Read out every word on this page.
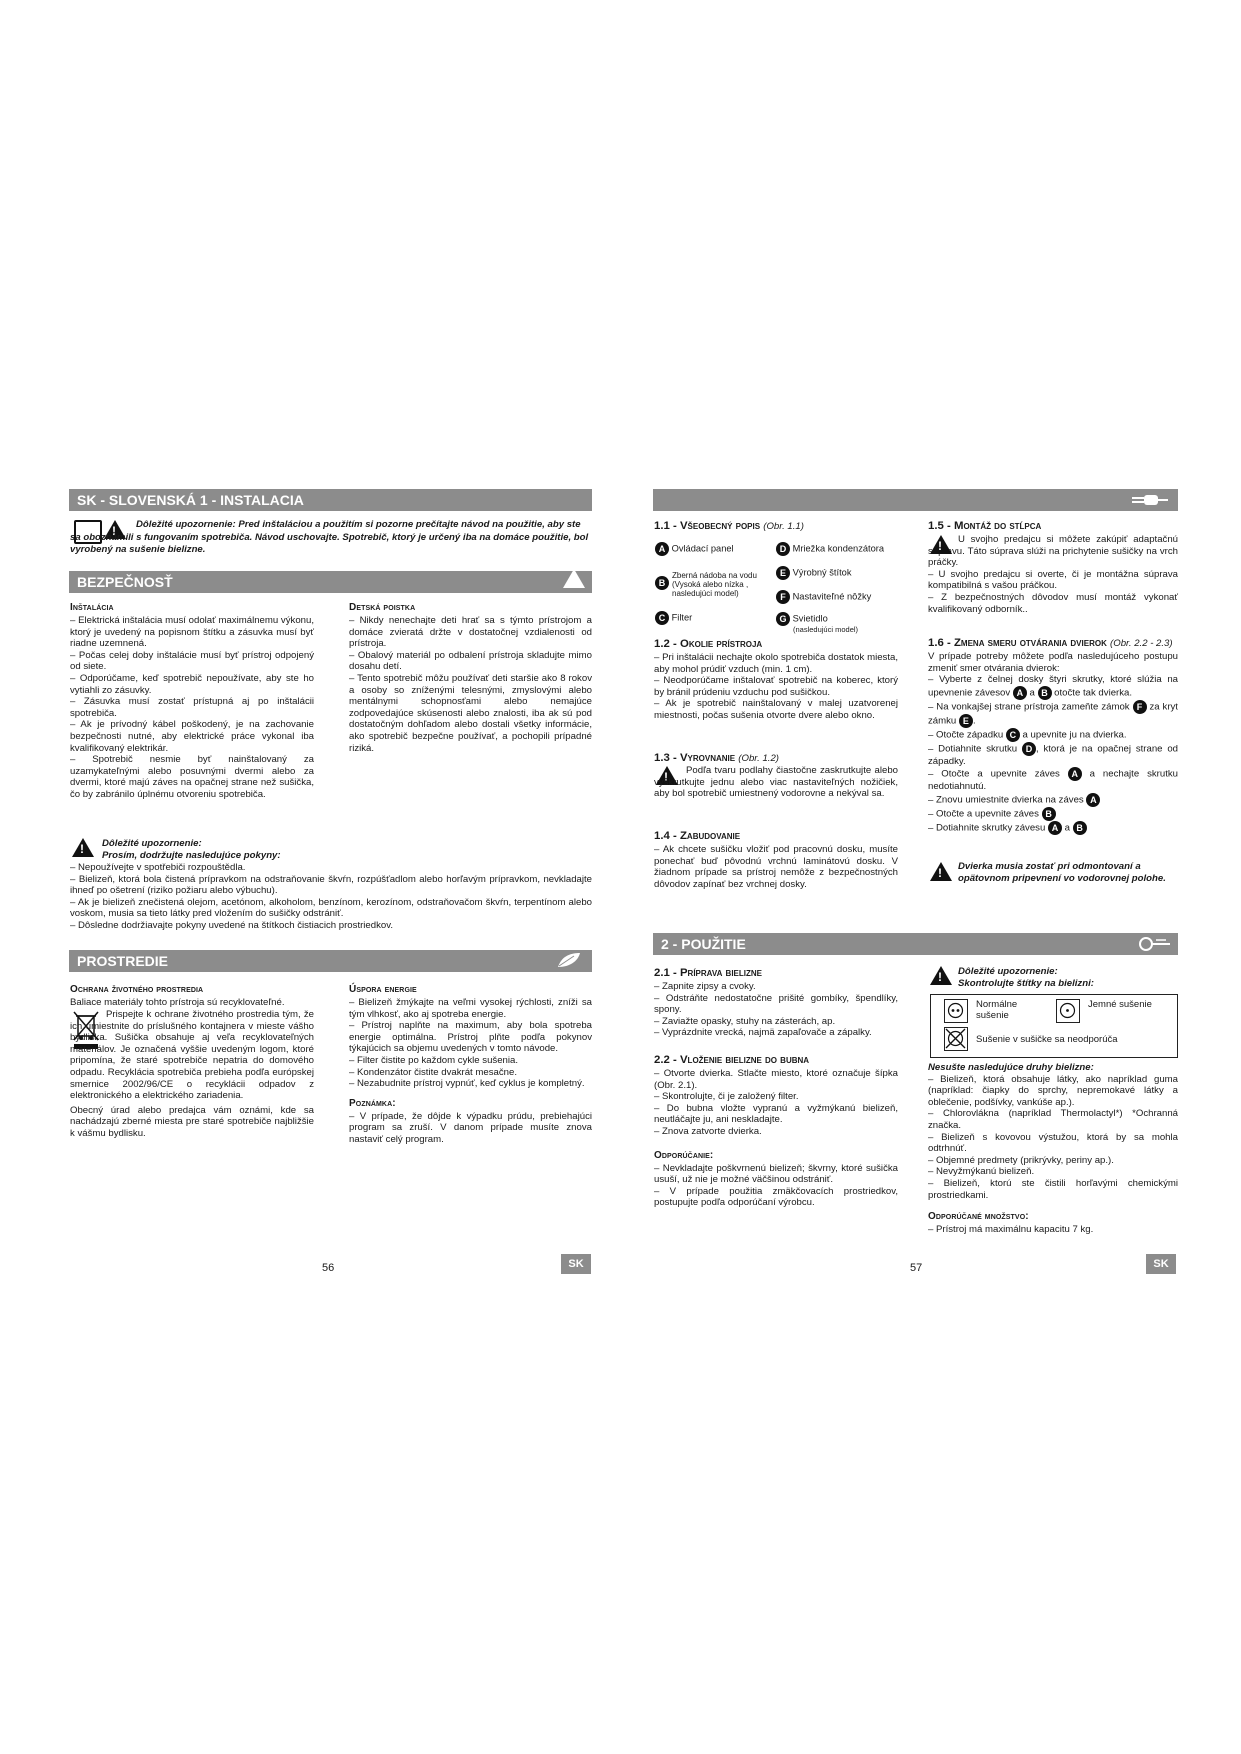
SK - SLOVENSKÁ 1 - INSTALACIA
!
Dôležité upozornenie: Pred inštaláciou a použitím si pozorne prečítajte návod na použitie, aby ste sa oboznámili s fungovaním spotrebiča. Návod uschovajte. Spotrebič, ktorý je určený iba na domáce použitie, bol vyrobený na sušenie bielizne.
BEZPEČNOSŤ
!
Inštalácia

– Elektrická inštalácia musí odolať maximálnemu výkonu, ktorý je uvedený na popisnom štítku a zásuvka musí byť riadne uzemnená.

– Počas celej doby inštalácie musí byť prístroj odpojený od siete.

– Odporúčame, keď spotrebič nepoužívate, aby ste ho vytiahli zo zásuvky.

– Zásuvka musí zostať prístupná aj po inštalácii spotrebiča.

– Ak je prívodný kábel poškodený, je na zachovanie bezpečnosti nutné, aby elektrické práce vykonal iba kvalifikovaný elektrikár.

– Spotrebič nesmie byť nainštalovaný za uzamykateľnými alebo posuvnými dvermi alebo za dvermi, ktoré majú záves na opačnej strane než sušička, čo by zabránilo úplnému otvoreniu spotrebiča.

Detská poistka

– Nikdy nenechajte deti hrať sa s týmto prístrojom a domáce zvieratá držte v dostatočnej vzdialenosti od prístroja.

– Obalový materiál po odbalení prístroja skladujte mimo dosahu detí.

– Tento spotrebič môžu používať deti staršie ako 8 rokov a osoby so zníženými telesnými, zmyslovými alebo mentálnymi schopnosťami alebo nemajúce zodpovedajúce skúsenosti alebo znalosti, iba ak sú pod dostatočným dohľadom alebo dostali všetky informácie, ako spotrebič bezpečne používať, a pochopili prípadné riziká.

!
Dôležité upozornenie:
Prosím, dodržujte nasledujúce pokyny:

– Nepoužívejte v spotřebiči rozpouštědla.

– Bielizeň, ktorá bola čistená prípravkom na odstraňovanie škvŕn, rozpúšťadlom alebo horľavým prípravkom, nevkladajte ihneď po ošetrení (riziko požiaru alebo výbuchu).

– Ak je bielizeň znečistená olejom, acetónom, alkoholom, benzínom, kerozínom, odstraňovačom škvŕn, terpentínom alebo voskom, musia sa tieto látky pred vložením do sušičky odstrániť.

– Dôsledne dodržiavajte pokyny uvedené na štítkoch čistiacich prostriedkov.

PROSTREDIE
Ochrana životného prostredia

Baliace materiály tohto prístroja sú recyklovateľné.

Prispejte k ochrane životného prostredia tým, že ich umiestnite do príslušného kontajnera v mieste vášho bydliska. Sušička obsahuje aj veľa recyklovateľných materiálov. Je označená vyššie uvedeným logom, ktoré pripomína, že staré spotrebiče nepatria do domového odpadu. Recyklácia spotrebiča prebieha podľa európskej smernice 2002/96/CE o recyklácii odpadov z elektronického a elektrického zariadenia.

Obecný úrad alebo predajca vám oznámi, kde sa nachádzajú zberné miesta pre staré spotrebiče najbližšie k vášmu bydlisku.

Úspora energie

– Bielizeň žmýkajte na veľmi vysokej rýchlosti, zníži sa tým vlhkosť, ako aj spotreba energie.

– Prístroj naplňte na maximum, aby bola spotreba energie optimálna. Prístroj plňte podľa pokynov týkajúcich sa objemu uvedených v tomto návode.

– Filter čistite po každom cykle sušenia.

– Kondenzátor čistite dvakrát mesačne.

– Nezabudnite prístroj vypnúť, keď cyklus je kompletný.

Poznámka:

– V prípade, že dôjde k výpadku prúdu, prebiehajúci program sa zruší. V danom prípade musíte znova nastaviť celý program.

56	SK
1.1 - Všeobecný popis (Obr. 1.1)
A Ovládací panel
B
Zberná nádoba na vodu
(Vysoká alebo nízka , nasledujúci model)
C Filter
D Mriežka kondenzátora
E Výrobný štítok
F Nastaviteľné nôžky
G Svietidlo
(nasledujúci model)
1.2 - Okolie prístroja

– Pri inštalácii nechajte okolo spotrebiča dostatok miesta, aby mohol prúdiť vzduch (min. 1 cm).

– Neodporúčame inštalovať spotrebič na koberec, ktorý by bránil prúdeniu vzduchu pod sušičkou.

– Ak je spotrebič nainštalovaný v malej uzatvorenej miestnosti, počas sušenia otvorte dvere alebo okno.

1.3 - Vyrovnanie (Obr. 1.2)
!
Podľa tvaru podlahy čiastočne zaskrutkujte alebo vyskrutkujte jednu alebo viac nastaviteľných nožičiek, aby bol spotrebič umiestnený vodorovne a nekýval sa.
1.4 - Zabudovanie

– Ak chcete sušičku vložiť pod pracovnú dosku, musíte ponechať buď pôvodnú vrchnú laminátovú dosku. V žiadnom prípade sa prístroj nemôže z bezpečnostných dôvodov zapínať bez vrchnej dosky.

1.5 - Montáž do stĺpca

U svojho predajcu si môžete zakúpiť adaptačnú súpravu. Táto súprava slúži na prichytenie sušičky na vrch práčky.

– U svojho predajcu si overte, či je montážna súprava kompatibilná s vašou práčkou.

– Z bezpečnostných dôvodov musí montáž vykonať kvalifikovaný odborník..

!
1.6 - Zmena smeru otvárania dvierok (Obr. 2.2 - 2.3)

V prípade potreby môžete podľa nasledujúceho postupu zmeniť smer otvárania dvierok:

– Vyberte z čelnej dosky štyri skrutky, ktoré slúžia na upevnenie závesov A a B otočte tak dvierka.

– Na vonkajšej strane prístroja zameňte zámok F za kryt zámku E .

– Otočte západku C a upevnite ju na dvierka.

– Dotiahnite skrutku D , ktorá je na opačnej strane od západky.

– Otočte a upevnite záves A a nechajte skrutku nedotiahnutú.

– Znovu umiestnite dvierka na záves A

– Otočte a upevnite záves B

– Dotiahnite skrutky závesu A a B

!
Dvierka musia zostať pri odmontovaní a opätovnom pripevnení vo vodorovnej polohe.
2 - POUŽITIE
2.1 - Príprava bielizne

– Zapnite zipsy a cvoky.

– Odstráňte nedostatočne prišité gombíky, špendlíky, spony.

– Zaviažte opasky, stuhy na zásterách, ap.

– Vyprázdnite vrecká, najmä zapaľovače a zápalky.

2.2 - Vloženie bielizne do bubna

– Otvorte dvierka. Stlačte miesto, ktoré označuje šípka (Obr. 2.1).

– Skontrolujte, či je založený filter.

– Do bubna vložte vypranú a vyžmýkanú bielizeň, neutláčajte ju, ani neskladajte.

– Znova zatvorte dvierka.

Odporúčanie:

– Nevkladajte poškvrnenú bielizeň; škvrny, ktoré sušička usuší, už nie je možné väčšinou odstrániť.

– V prípade použitia zmäkčovacích prostriedkov, postupujte podľa odporúčaní výrobcu.

!
Dôležité upozornenie:
Skontrolujte štítky na bielizni:
Normálne sušenie
Jemné sušenie
Sušenie v sušičke sa neodporúča
Nesušte nasledujúce druhy bielizne:

– Bielizeň, ktorá obsahuje látky, ako napríklad guma (napríklad: čiapky do sprchy, nepremokavé látky a oblečenie, podšívky, vankúše ap.).

– Chlorovlákna (napríklad Thermolactyl*) *Ochranná značka.

– Bielizeň s kovovou výstužou, ktorá by sa mohla odtrhnúť.

– Objemné predmety (prikrývky, periny ap.).

– Nevyžmýkanú bielizeň.

– Bielizeň, ktorú ste čistili horľavými chemickými prostriedkami.

Odporúčané množstvo:

– Prístroj má maximálnu kapacitu 7 kg.

57	SK
